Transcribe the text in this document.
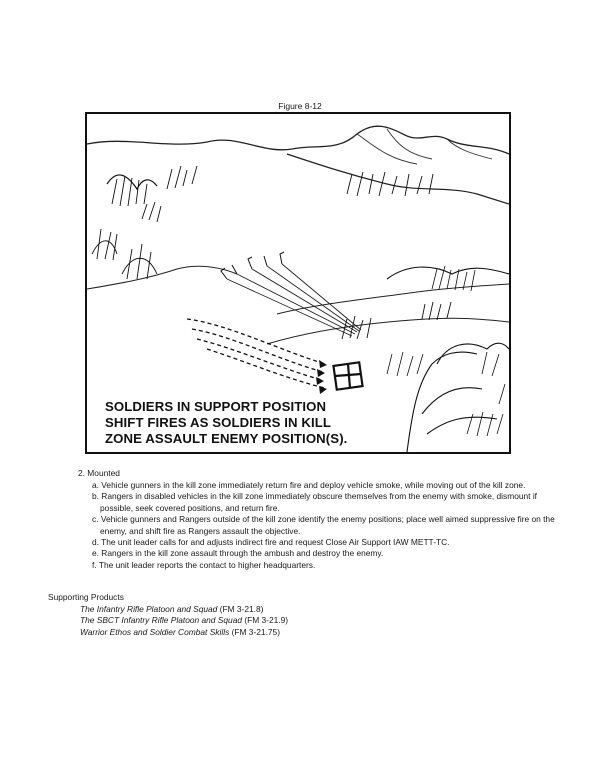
Figure 8-12
SOLDIERS IN SUPPORT POSITION
SHIFT FIRES AS SOLDIERS IN KILL
ZONE ASSAULT ENEMY POSITION(S).
2. Mounted
a. Vehicle gunners in the kill zone immediately return fire and deploy vehicle smoke, while moving out of the kill zone.
b. Rangers in disabled vehicles in the kill zone immediately obscure themselves from the enemy with smoke, dismount if possible, seek covered positions, and return fire.
c. Vehicle gunners and Rangers outside of the kill zone identify the enemy positions; place well aimed suppressive fire on the enemy, and shift fire as Rangers assault the objective.
d. The unit leader calls for and adjusts indirect fire and request Close Air Support IAW METT-TC.
e. Rangers in the kill zone assault through the ambush and destroy the enemy.
f. The unit leader reports the contact to higher headquarters.
Supporting Products
The Infantry Rifle Platoon and Squad (FM 3-21.8)
The SBCT Infantry Rifle Platoon and Squad (FM 3-21.9)
Warrior Ethos and Soldier Combat Skills (FM 3-21.75)
